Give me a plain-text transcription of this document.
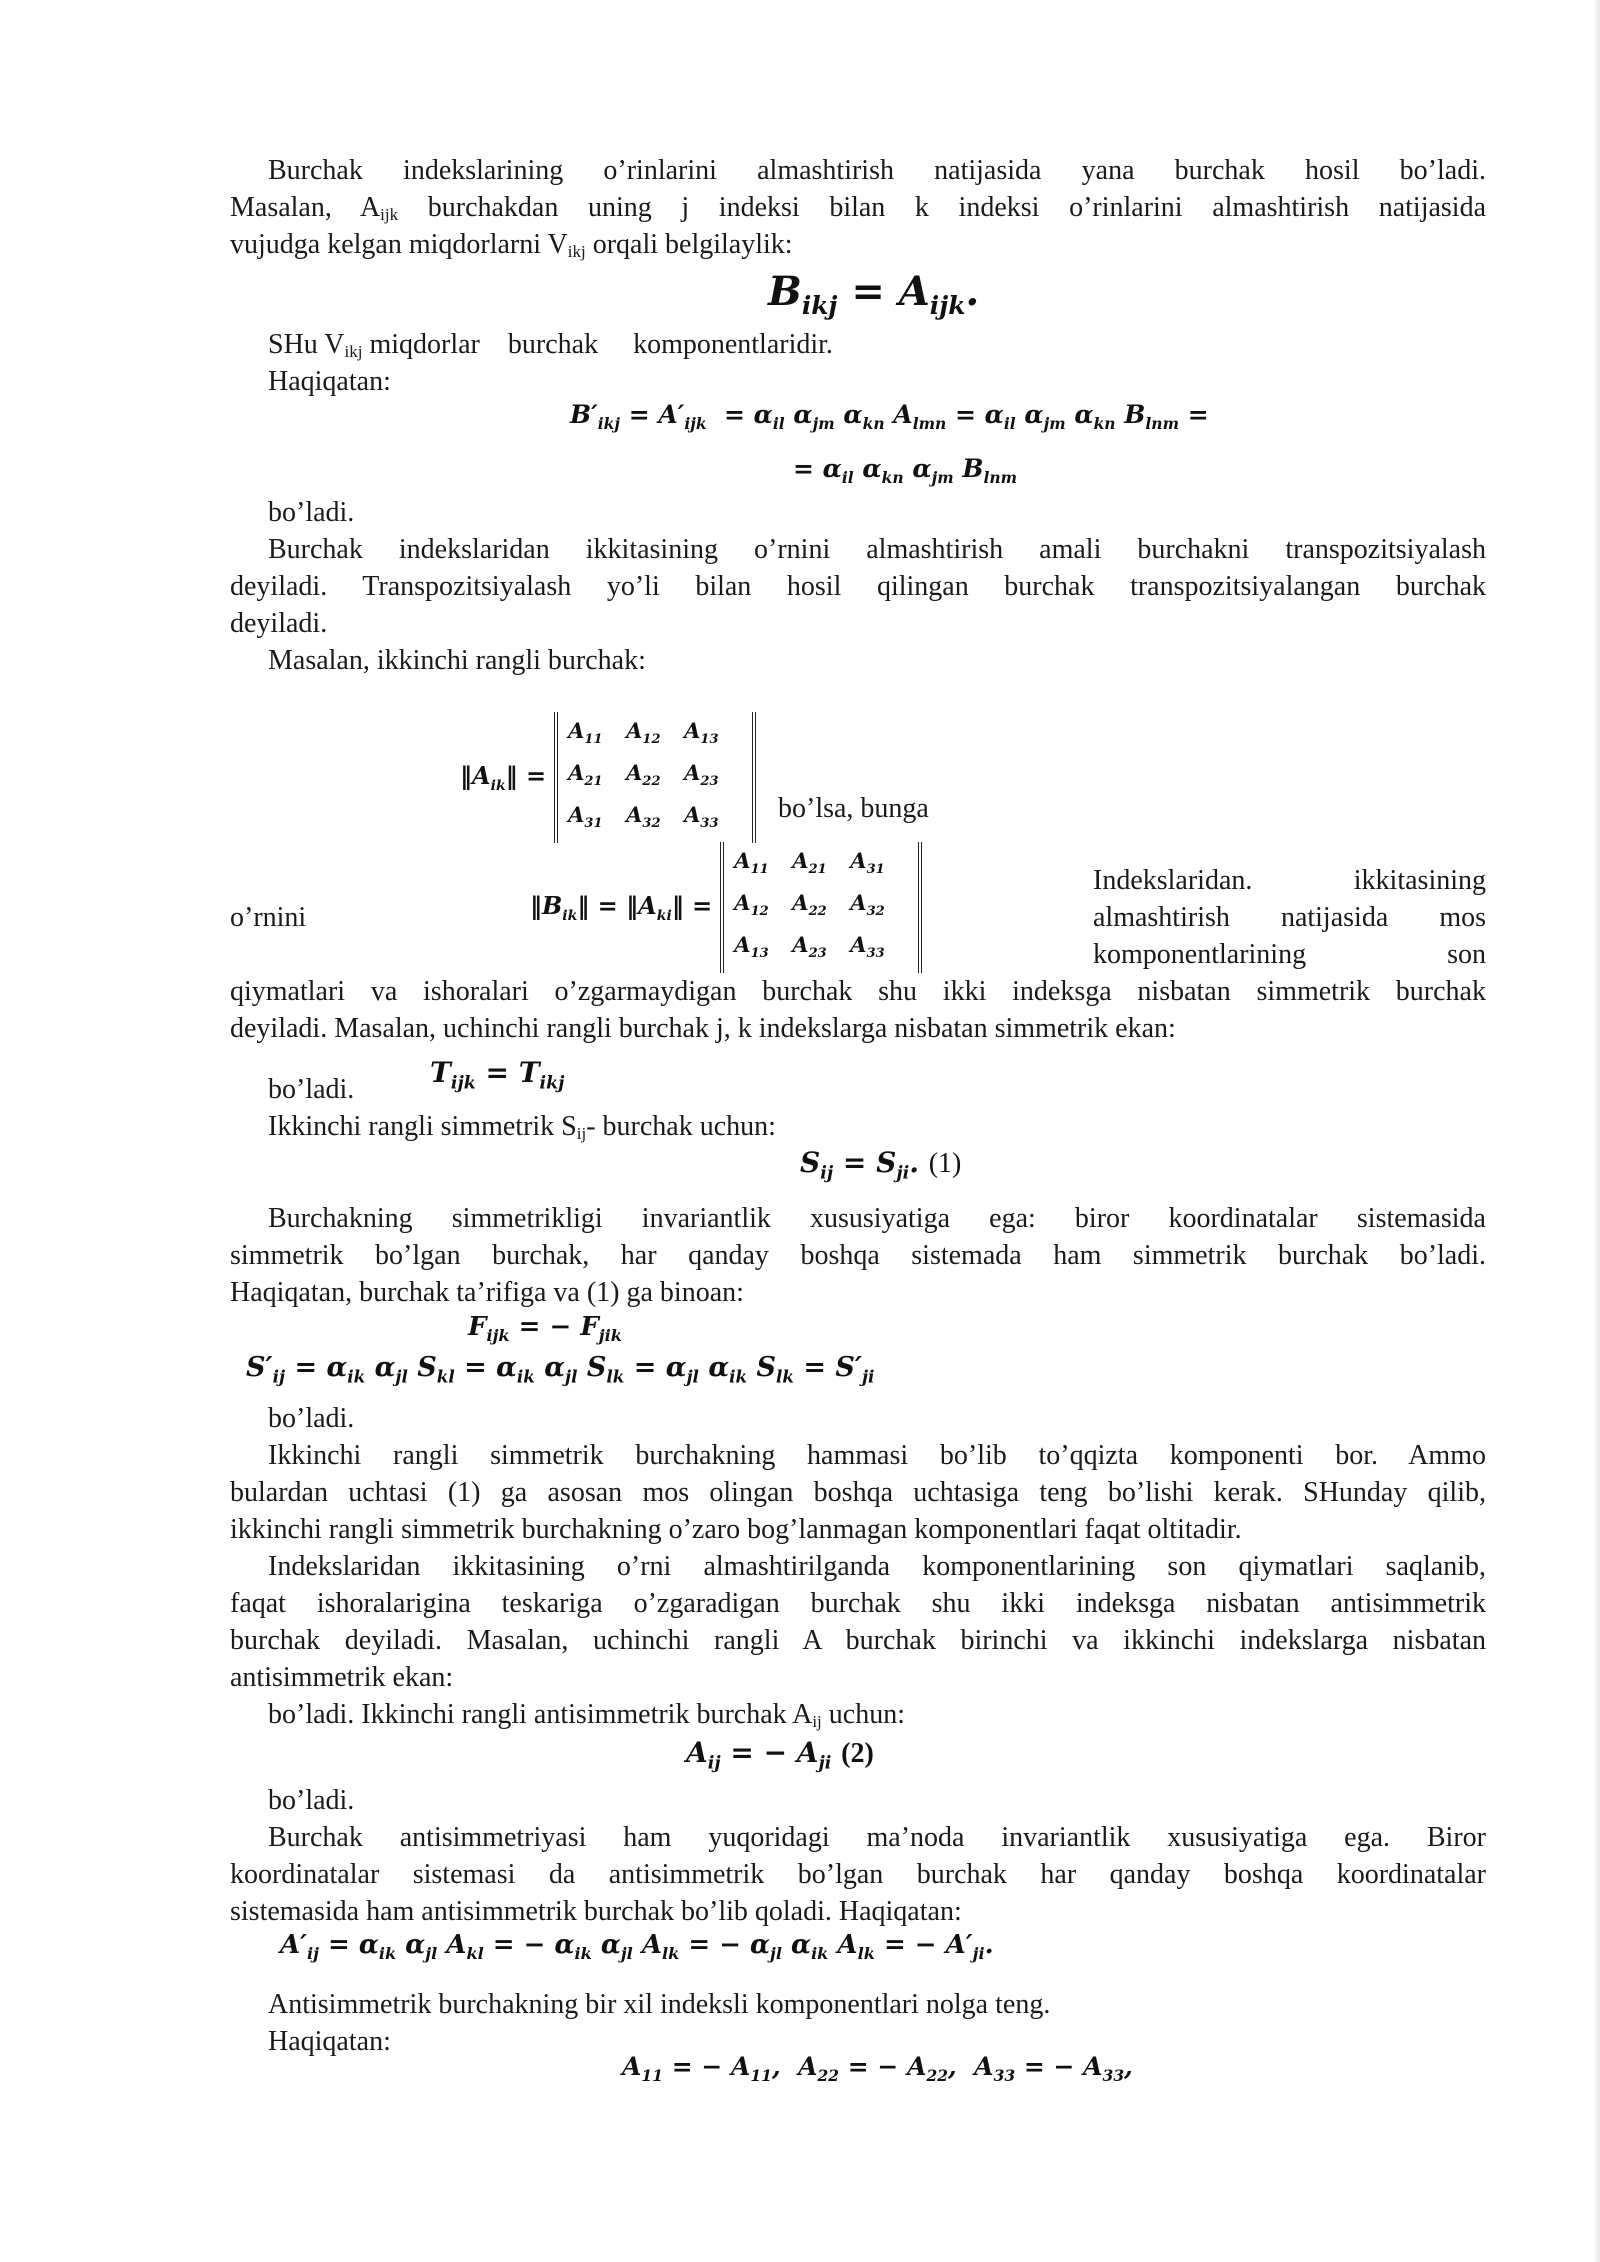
Burchak indekslarining o’rinlarini almashtirish natijasida yana burchak hosil bo’ladi.
Masalan, $A_{ijk}$ burchakdan uning j indeksi bilan k indeksi o’rinlarini almashtirish natijasida
vujudga kelgan miqdorlarni $V_{ikj}$ orqali belgilaylik:
$B_{ikj} = A_{ijk}$.
SHu $V_{ikj}$ miqdorlar    burchak     komponentlaridir.
Haqiqatan:
$B'_{ikj} = A'_{ijk} = \alpha_{il}$ $\alpha_{jm}$ $\alpha_{kn}$ $A_{lmn} = \alpha_{il}$ $\alpha_{jm}$ $\alpha_{kn}$ $B_{lnm}$ =
= $\alpha_{il}$ $\alpha_{kn}$ $\alpha_{jm}$ $B_{lnm}$
bo’ladi.
Burchak indekslaridan ikkitasining o’rnini almashtirish amali burchakni transpozitsiyalash
deyiladi. Transpozitsiyalash yo’li bilan hosil qilingan burchak transpozitsiyalangan burchak
deyiladi.
Masalan, ikkinchi rangli burchak:
$‖A_{ik}‖$ =
$A_{11}$	$A_{12}$	$A_{13}$
$A_{21}$	$A_{22}$	$A_{23}$
$A_{31}$	$A_{32}$	$A_{33}$
bo’lsa, bunga
o’rnini	$‖B_{ik}‖$ = $‖A_{ki}‖$ =
$A_{11}$	$A_{21}$	$A_{31}$
$A_{12}$	$A_{22}$	$A_{32}$
$A_{13}$	$A_{23}$	$A_{33}$
Indekslaridan. ikkitasining
almashtirish natijasida mos
komponentlarining son
qiymatlari va ishoralari o’zgarmaydigan burchak shu ikki indeksga nisbatan simmetrik burchak
deyiladi. Masalan, uchinchi rangli burchak j, k indekslarga nisbatan simmetrik ekan:
bo’ladi.
$T_{ijk} = T_{ikj}$
Ikkinchi rangli simmetrik $S_{ij}-$ burchak uchun:
$S_{ij} = S_{ji}$. (1)
Burchakning simmetrikligi invariantlik xususiyatiga ega: biror koordinatalar sistemasida
simmetrik bo’lgan burchak, har qanday boshqa sistemada ham simmetrik burchak bo’ladi.
Haqiqatan, burchak ta’rifiga va (1) ga binoan:
$F_{ijk}$ = − $F_{jik}$
$S'_{ij} = \alpha_{ik}$ $\alpha_{jl}$ $S_{kl} = \alpha_{ik}$ $\alpha_{jl}$ $S_{lk} = \alpha_{jl}$ $\alpha_{ik}$ $S_{lk} = S'_{ji}$
bo’ladi.
Ikkinchi rangli simmetrik burchakning hammasi bo’lib to’qqizta komponenti bor. Ammo
bulardan uchtasi (1) ga asosan mos olingan boshqa uchtasiga teng bo’lishi kerak. SHunday qilib,
ikkinchi rangli simmetrik burchakning o’zaro bog’lanmagan komponentlari faqat oltitadir.
Indekslaridan ikkitasining o’rni almashtirilganda komponentlarining son qiymatlari saqlanib,
faqat ishoralarigina teskariga o’zgaradigan burchak shu ikki indeksga nisbatan antisimmetrik
burchak deyiladi. Masalan, uchinchi rangli A burchak birinchi va ikkinchi indekslarga nisbatan
antisimmetrik ekan:
bo’ladi. Ikkinchi rangli antisimmetrik burchak $A_{ij}$ uchun:
$A_{ij}$ = − $A_{ji}$ (2)
bo’ladi.
Burchak antisimmetriyasi ham yuqoridagi ma’noda invariantlik xususiyatiga ega. Biror
koordinatalar sistemasi da antisimmetrik bo’lgan burchak har qanday boshqa koordinatalar
sistemasida ham antisimmetrik burchak bo’lib qoladi. Haqiqatan:
$A'_{ij} = \alpha_{ik}$ $\alpha_{jl}$ $A_{kl}$ = − $\alpha_{ik}$ $\alpha_{jl}$ $A_{lk}$ = − $\alpha_{jl}$ $\alpha_{ik}$ $A_{lk}$ = − $A'_{ji}$.
Antisimmetrik burchakning bir xil indeksli komponentlari nolga teng.
Haqiqatan:
$A_{11}$ = − $A_{11}$,  $A_{22}$ = − $A_{22}$,  $A_{33}$ = − $A_{33}$,
